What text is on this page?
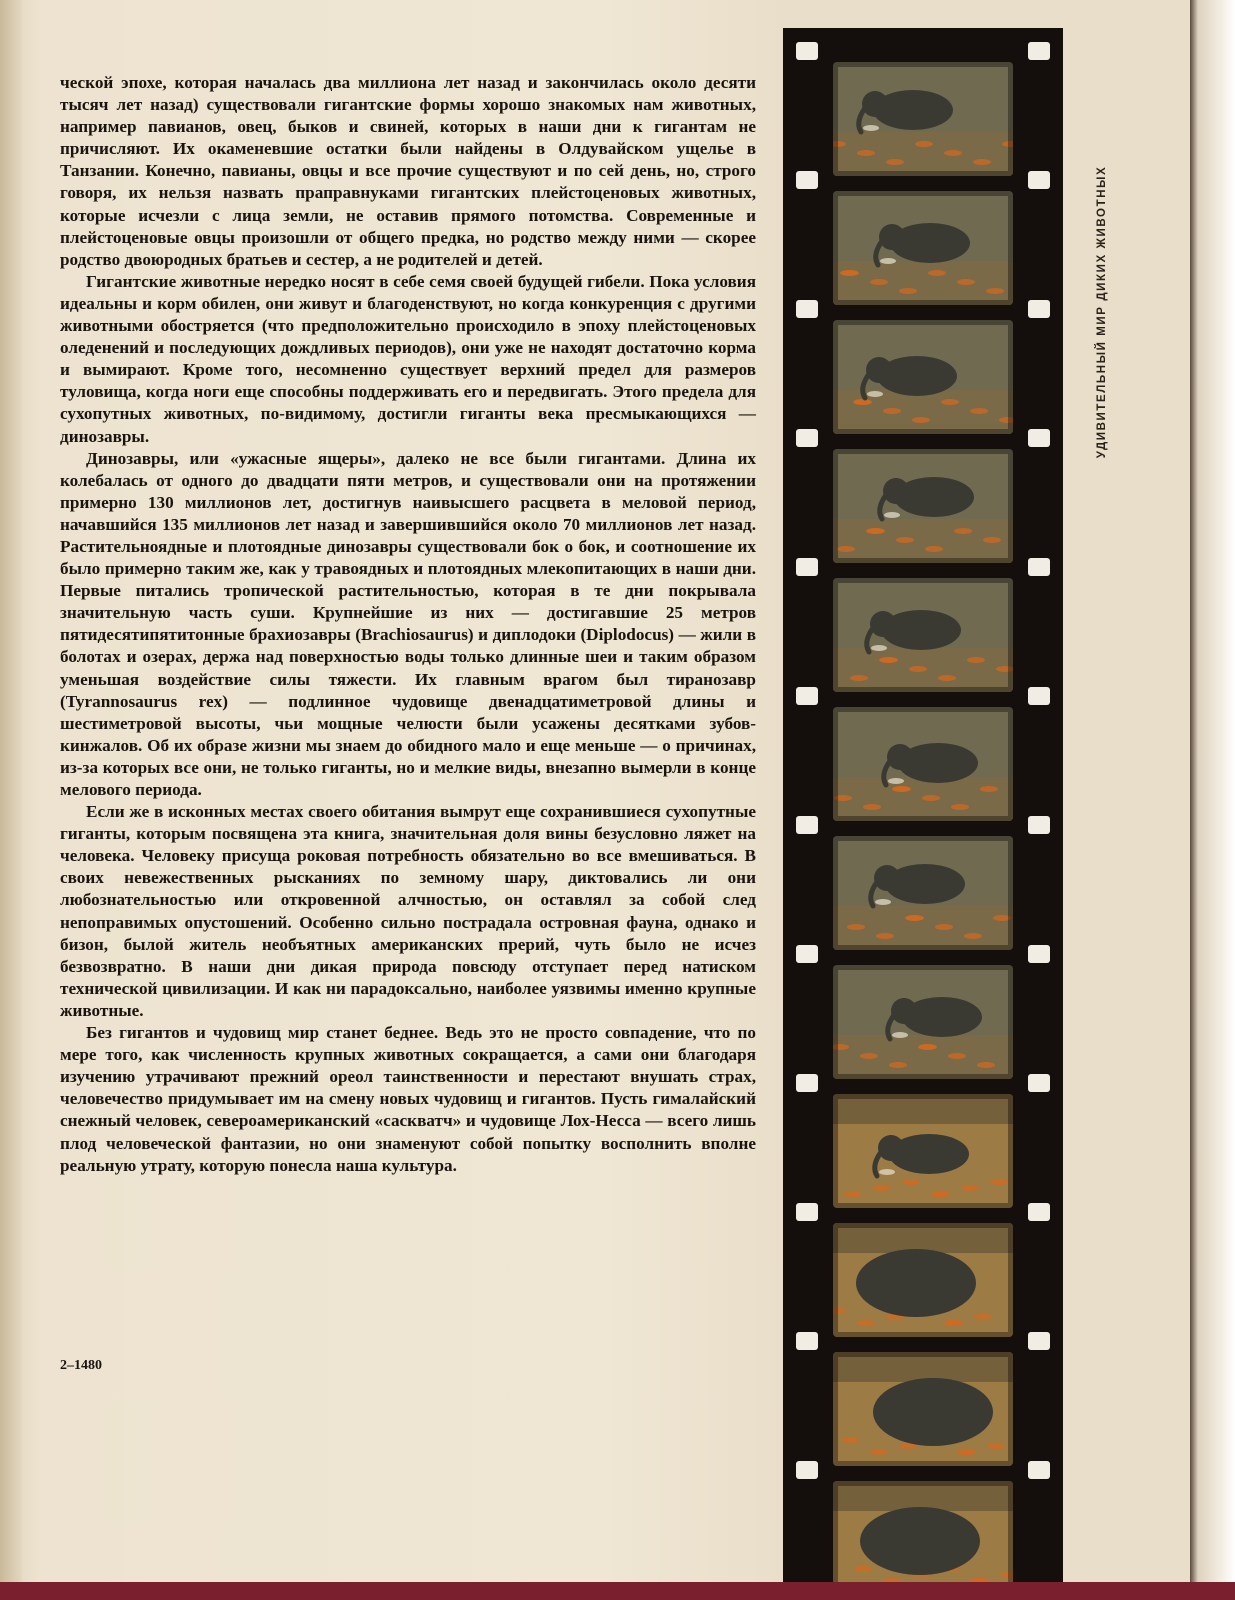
ческой эпохе, которая началась два миллиона лет назад и закончилась около десяти тысяч лет назад) существовали гигантские формы хорошо знакомых нам животных, например павианов, овец, быков и свиней, которых в наши дни к гигантам не причисляют. Их окаменевшие остатки были найдены в Олдувайском ущелье в Танзании. Конечно, павианы, овцы и все прочие существуют и по сей день, но, строго говоря, их нельзя назвать праправнуками гигантских плейстоценовых животных, которые исчезли с лица земли, не оставив прямого потомства. Современные и плейстоценовые овцы произошли от общего предка, но родство между ними — скорее родство двоюродных братьев и сестер, а не родителей и детей.

Гигантские животные нередко носят в себе семя своей будущей гибели. Пока условия идеальны и корм обилен, они живут и благоденствуют, но когда конкуренция с другими животными обостряется (что предположительно происходило в эпоху плейстоценовых оледенений и последующих дождливых периодов), они уже не находят достаточно корма и вымирают. Кроме того, несомненно существует верхний предел для размеров туловища, когда ноги еще способны поддерживать его и передвигать. Этого предела для сухопутных животных, по-видимому, достигли гиганты века пресмыкающихся — динозавры.

Динозавры, или «ужасные ящеры», далеко не все были гигантами. Длина их колебалась от одного до двадцати пяти метров, и существовали они на протяжении примерно 130 миллионов лет, достигнув наивысшего расцвета в меловой период, начавшийся 135 миллионов лет назад и завершившийся около 70 миллионов лет назад. Растительноядные и плотоядные динозавры существовали бок о бок, и соотношение их было примерно таким же, как у травоядных и плотоядных млекопитающих в наши дни. Первые питались тропической растительностью, которая в те дни покрывала значительную часть суши. Крупнейшие из них — достигавшие 25 метров пятидесятипятитонные брахиозавры (Brachiosaurus) и диплодоки (Diplodocus) — жили в болотах и озерах, держа над поверхностью воды только длинные шеи и таким образом уменьшая воздействие силы тяжести. Их главным врагом был тиранозавр (Tyrannosaurus rex) — подлинное чудовище двенадцатиметровой длины и шестиметровой высоты, чьи мощные челюсти были усажены десятками зубов-кинжалов. Об их образе жизни мы знаем до обидного мало и еще меньше — о причинах, из-за которых все они, не только гиганты, но и мелкие виды, внезапно вымерли в конце мелового периода.

Если же в исконных местах своего обитания вымрут еще сохранившиеся сухопутные гиганты, которым посвящена эта книга, значительная доля вины безусловно ляжет на человека. Человеку присуща роковая потребность обязательно во все вмешиваться. В своих невежественных рысканиях по земному шару, диктовались ли они любознательностью или откровенной алчностью, он оставлял за собой след непоправимых опустошений. Особенно сильно пострадала островная фауна, однако и бизон, былой житель необъятных американских прерий, чуть было не исчез безвозвратно. В наши дни дикая природа повсюду отступает перед натиском технической цивилизации. И как ни парадоксально, наиболее уязвимы именно крупные животные.

Без гигантов и чудовищ мир станет беднее. Ведь это не просто совпадение, что по мере того, как численность крупных животных сокращается, а сами они благодаря изучению утрачивают прежний ореол таинственности и перестают внушать страх, человечество придумывает им на смену новых чудовищ и гигантов. Пусть гималайский снежный человек, североамериканский «саскватч» и чудовище Лох-Несса — всего лишь плод человеческой фантазии, но они знаменуют собой попытку восполнить вполне реальную утрату, которую понесла наша культура.

2–1480
УДИВИТЕЛЬНЫЙ МИР ДИКИХ ЖИВОТНЫХ
